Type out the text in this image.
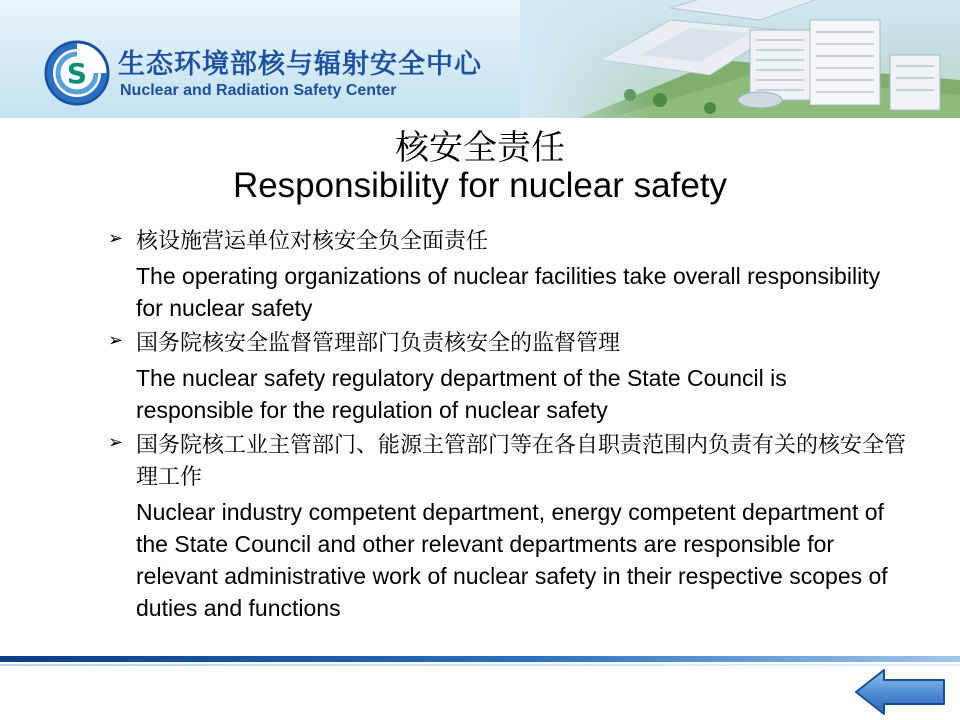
S 生态环境部核与辐射安全中心
Nuclear and Radiation Safety Center
核安全责任
Responsibility for nuclear safety
➢ 核设施营运单位对核安全负全面责任
The operating organizations of nuclear facilities take overall responsibility for nuclear safety
➢ 国务院核安全监督管理部门负责核安全的监督管理
The nuclear safety regulatory department of the State Council is responsible for the regulation of nuclear safety
➢ 国务院核工业主管部门、能源主管部门等在各自职责范围内负责有关的核安全管理工作
Nuclear industry competent department, energy competent department of the State Council and other relevant departments are responsible for relevant administrative work of nuclear safety in their respective scopes of duties and functions
